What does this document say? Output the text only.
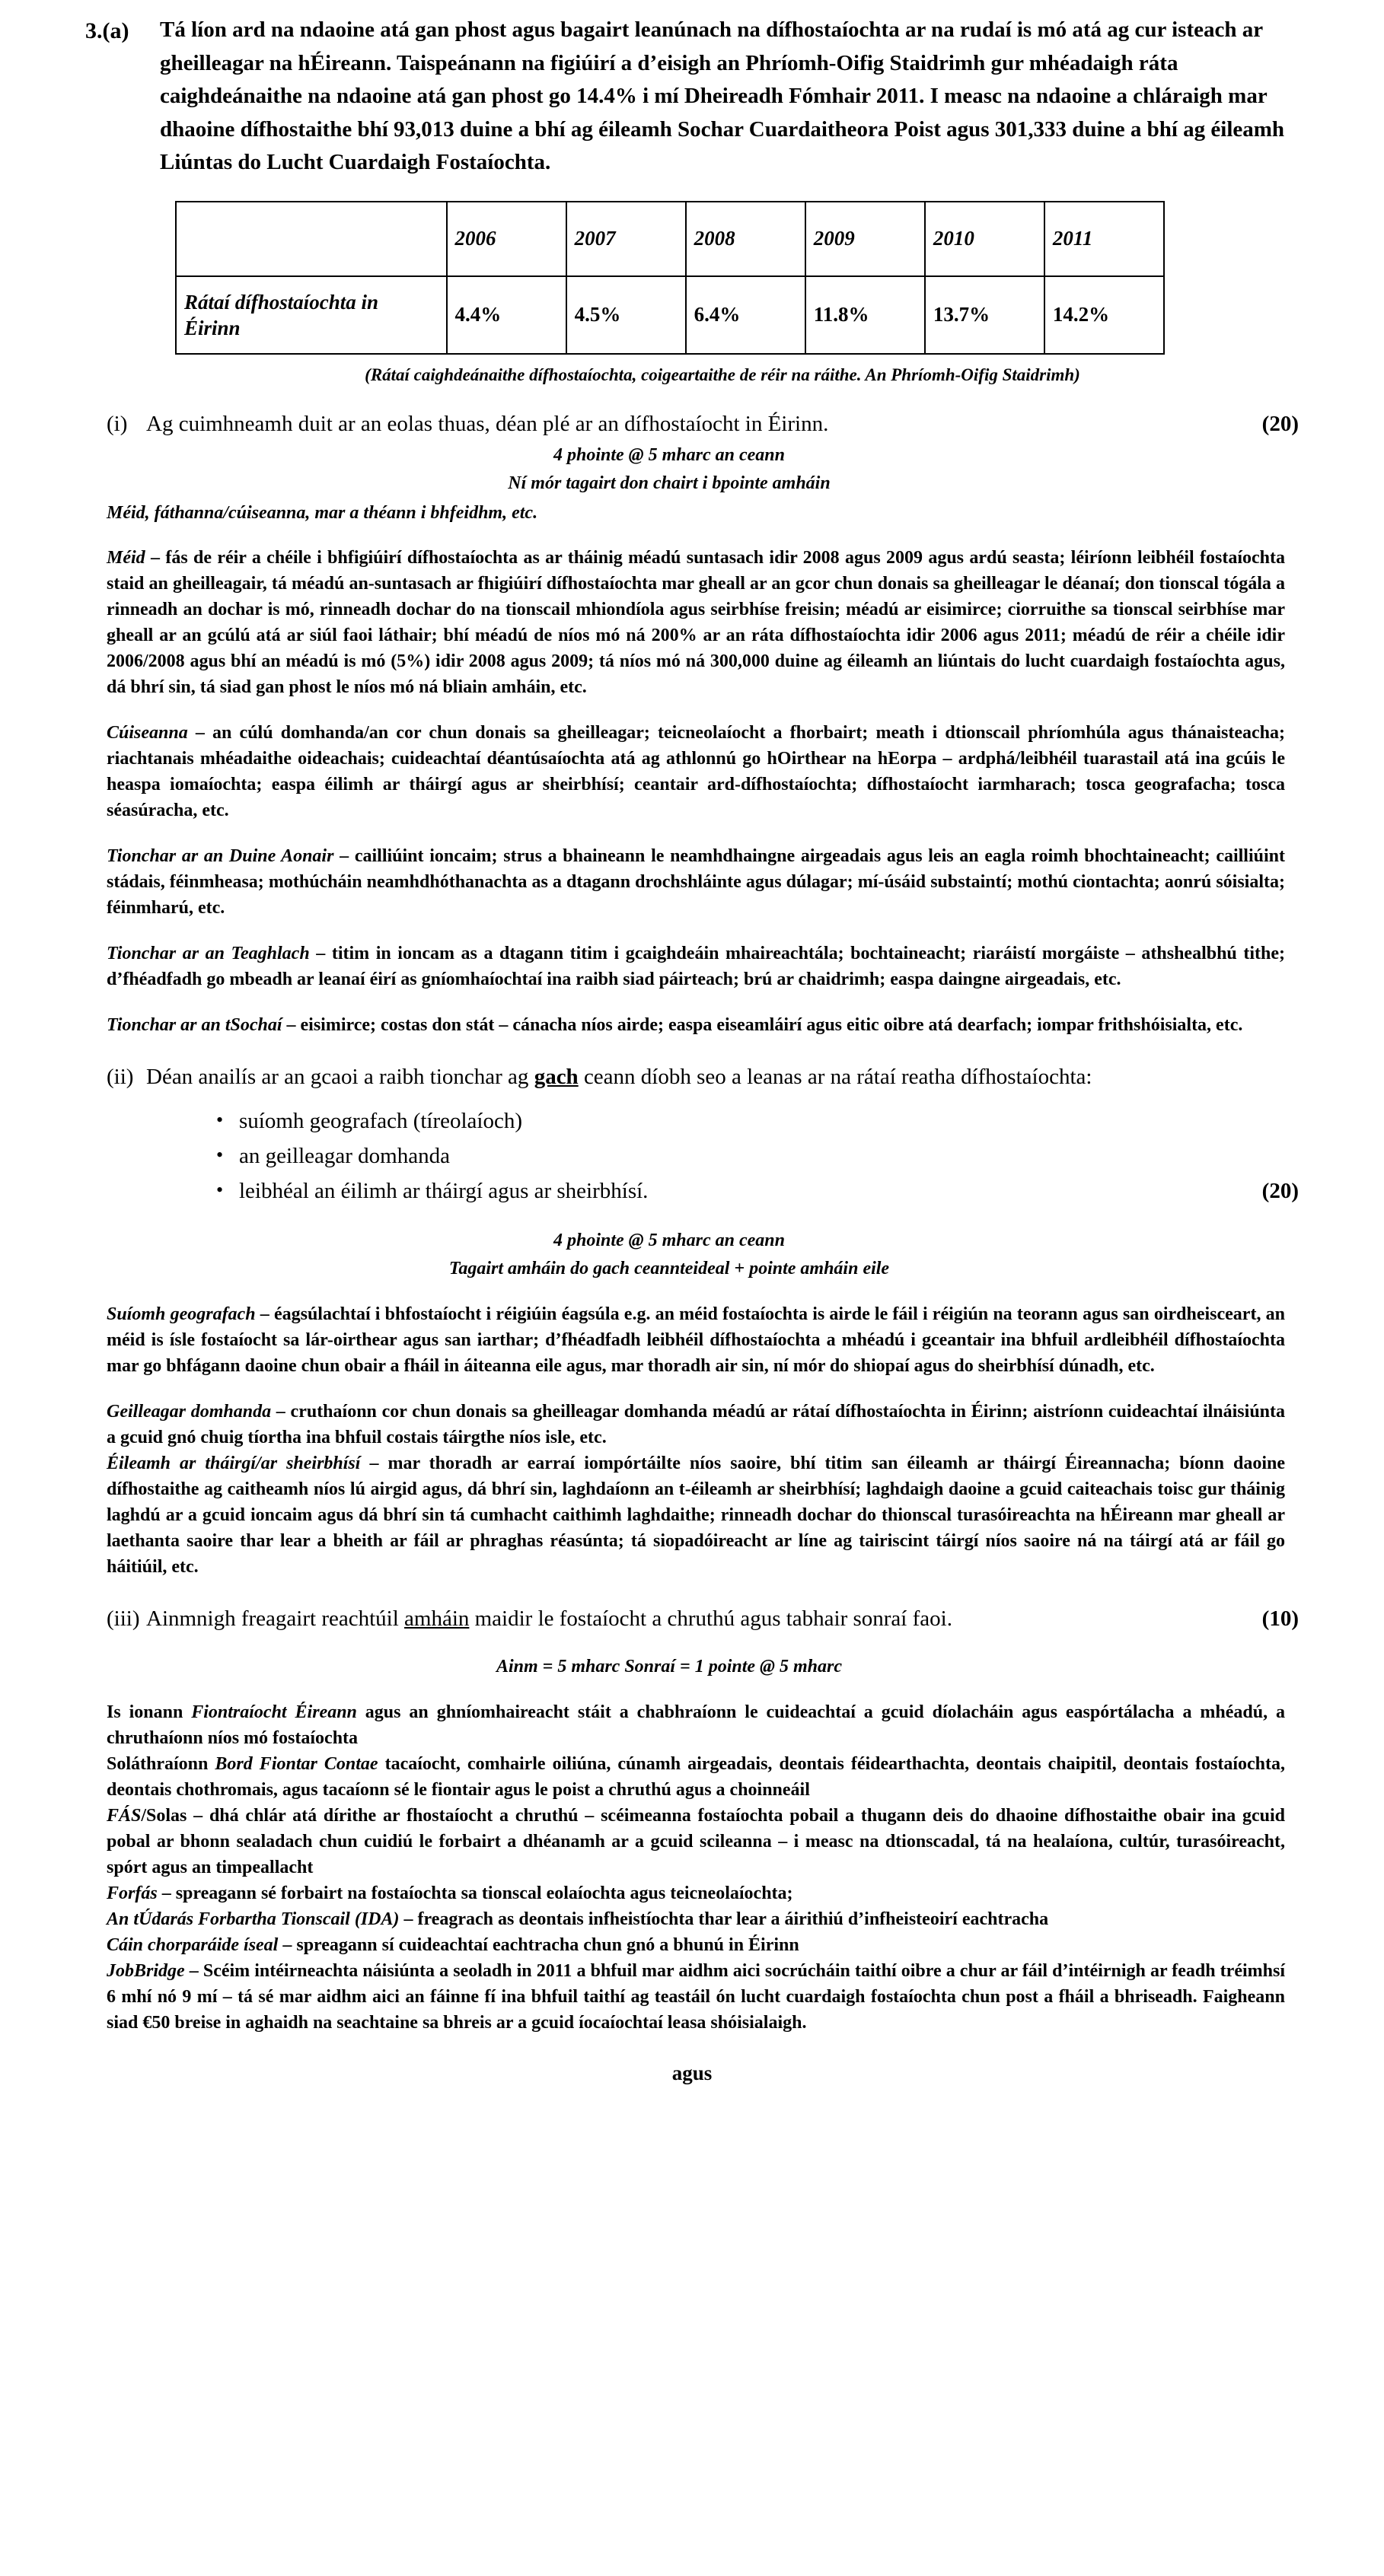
3.(a)	Tá líon ard na ndaoine atá gan phost agus bagairt leanúnach na dífhostaíochta ar na rudaí is mó atá ag cur isteach ar gheilleagar na hÉireann. Taispeánann na figiúirí a d’eisigh an Phríomh-Oifig Staidrimh gur mhéadaigh ráta caighdeánaithe na ndaoine atá gan phost go 14.4% i mí Dheireadh Fómhair 2011. I measc na ndaoine a chláraigh mar dhaoine dífhostaithe bhí 93,013 duine a bhí ag éileamh Sochar Cuardaitheora Poist agus 301,333 duine a bhí ag éileamh Liúntas do Lucht Cuardaigh Fostaíochta.

	2006	2007	2008	2009	2010	2011
Rátaí dífhostaíochta in Éirinn	4.4%	4.5%	6.4%	11.8%	13.7%	14.2%
(Rátaí caighdeánaithe dífhostaíochta, coigeartaithe de réir na ráithe. An Phríomh-Oifig Staidrimh)
(i)	(20)
Ag cuimhneamh duit ar an eolas thuas, déan plé ar an dífhostaíocht in Éirinn.
4 phointe @ 5 mharc an ceann
Ní mór tagairt don chairt i bpointe amháin
Méid, fáthanna/cúiseanna, mar a théann i bhfeidhm, etc.

Méid – fás de réir a chéile i bhfigiúirí dífhostaíochta as ar tháinig méadú suntasach idir 2008 agus 2009 agus ardú seasta; léiríonn leibhéil fostaíochta staid an gheilleagair, tá méadú an-suntasach ar fhigiúirí dífhostaíochta mar gheall ar an gcor chun donais sa gheilleagar le déanaí; don tionscal tógála a rinneadh an dochar is mó, rinneadh dochar do na tionscail mhiondíola agus seirbhíse freisin; méadú ar eisimirce; ciorruithe sa tionscal seirbhíse mar gheall ar an gcúlú atá ar siúl faoi láthair; bhí méadú de níos mó ná 200% ar an ráta dífhostaíochta idir 2006 agus 2011; méadú de réir a chéile idir 2006/2008 agus bhí an méadú is mó (5%) idir 2008 agus 2009; tá níos mó ná 300,000 duine ag éileamh an liúntais do lucht cuardaigh fostaíochta agus, dá bhrí sin, tá siad gan phost le níos mó ná bliain amháin, etc.

Cúiseanna – an cúlú domhanda/an cor chun donais sa gheilleagar; teicneolaíocht a fhorbairt; meath i dtionscail phríomhúla agus thánaisteacha; riachtanais mhéadaithe oideachais; cuideachtaí déantúsaíochta atá ag athlonnú go hOirthear na hEorpa – ardphá/leibhéil tuarastail atá ina gcúis le heaspa iomaíochta; easpa éilimh ar tháirgí agus ar sheirbhísí; ceantair ard-dífhostaíochta; dífhostaíocht iarmharach; tosca geografacha; tosca séasúracha, etc.

Tionchar ar an Duine Aonair – cailliúint ioncaim; strus a bhaineann le neamhdhaingne airgeadais agus leis an eagla roimh bhochtaineacht; cailliúint stádais, féinmheasa; mothúcháin neamhdhóthanachta as a dtagann drochshláinte agus dúlagar; mí-úsáid substaintí; mothú ciontachta; aonrú sóisialta; féinmharú, etc.

Tionchar ar an Teaghlach – titim in ioncam as a dtagann titim i gcaighdeáin mhaireachtála; bochtaineacht; riaráistí morgáiste – athshealbhú tithe; d’fhéadfadh go mbeadh ar leanaí éirí as gníomhaíochtaí ina raibh siad páirteach; brú ar chaidrimh; easpa daingne airgeadais, etc.

Tionchar ar an tSochaí – eisimirce; costas don stát – cánacha níos airde; easpa eiseamláirí agus eitic oibre atá dearfach; iompar frithshóisialta, etc.

(ii) Déan anailís ar an gcaoi a raibh tionchar ag gach ceann díobh seo a leanas ar na rátaí reatha dífhostaíochta:
• suíomh geografach (tíreolaíoch)
• an geilleagar domhanda
• (20)
leibhéal an éilimh ar tháirgí agus ar sheirbhísí.
4 phointe @ 5 mharc an ceann
Tagairt amháin do gach ceannteideal + pointe amháin eile

Suíomh geografach – éagsúlachtaí i bhfostaíocht i réigiúin éagsúla e.g. an méid fostaíochta is airde le fáil i réigiún na teorann agus san oirdheisceart, an méid is ísle fostaíocht sa lár-oirthear agus san iarthar; d’fhéadfadh leibhéil dífhostaíochta a mhéadú i gceantair ina bhfuil ardleibhéil dífhostaíochta mar go bhfágann daoine chun obair a fháil in áiteanna eile agus, mar thoradh air sin, ní mór do shiopaí agus do sheirbhísí dúnadh, etc.

Geilleagar domhanda – cruthaíonn cor chun donais sa gheilleagar domhanda méadú ar rátaí dífhostaíochta in Éirinn; aistríonn cuideachtaí ilnáisiúnta a gcuid gnó chuig tíortha ina bhfuil costais táirgthe níos isle, etc.

Éileamh ar tháirgí/ar sheirbhísí – mar thoradh ar earraí iompórtáilte níos saoire, bhí titim san éileamh ar tháirgí Éireannacha; bíonn daoine dífhostaithe ag caitheamh níos lú airgid agus, dá bhrí sin, laghdaíonn an t-éileamh ar sheirbhísí; laghdaigh daoine a gcuid caiteachais toisc gur tháinig laghdú ar a gcuid ioncaim agus dá bhrí sin tá cumhacht caithimh laghdaithe; rinneadh dochar do thionscal turasóireachta na hÉireann mar gheall ar laethanta saoire thar lear a bheith ar fáil ar phraghas réasúnta; tá siopadóireacht ar líne ag tairiscint táirgí níos saoire ná na táirgí atá ar fáil go háitiúil, etc.

(iii)	(10)
Ainmnigh freagairt reachtúil amháin maidir le fostaíocht a chruthú agus tabhair sonraí faoi.
Ainm = 5 mharc Sonraí = 1 pointe @ 5 mharc

Is ionann Fiontraíocht Éireann agus an ghníomhaireacht stáit a chabhraíonn le cuideachtaí a gcuid díolacháin agus easpórtálacha a mhéadú, a chruthaíonn níos mó fostaíochta

Soláthraíonn Bord Fiontar Contae tacaíocht, comhairle oiliúna, cúnamh airgeadais, deontais féidearthachta, deontais chaipitil, deontais fostaíochta, deontais chothromais, agus tacaíonn sé le fiontair agus le poist a chruthú agus a choinneáil

FÁS/Solas – dhá chlár atá dírithe ar fhostaíocht a chruthú – scéimeanna fostaíochta pobail a thugann deis do dhaoine dífhostaithe obair ina gcuid pobal ar bhonn sealadach chun cuidiú le forbairt a dhéanamh ar a gcuid scileanna – i measc na dtionscadal, tá na healaíona, cultúr, turasóireacht, spórt agus an timpeallacht

Forfás – spreagann sé forbairt na fostaíochta sa tionscal eolaíochta agus teicneolaíochta;

An tÚdarás Forbartha Tionscail (IDA) – freagrach as deontais infheistíochta thar lear a áirithiú d’infheisteoirí eachtracha

Cáin chorparáide íseal – spreagann sí cuideachtaí eachtracha chun gnó a bhunú in Éirinn

JobBridge – Scéim intéirneachta náisiúnta a seoladh in 2011 a bhfuil mar aidhm aici socrúcháin taithí oibre a chur ar fáil d’intéirnigh ar feadh tréimhsí 6 mhí nó 9 mí – tá sé mar aidhm aici an fáinne fí ina bhfuil taithí ag teastáil ón lucht cuardaigh fostaíochta chun post a fháil a bhriseadh. Faigheann siad €50 breise in aghaidh na seachtaine sa bhreis ar a gcuid íocaíochtaí leasa shóisialaigh.

agus
